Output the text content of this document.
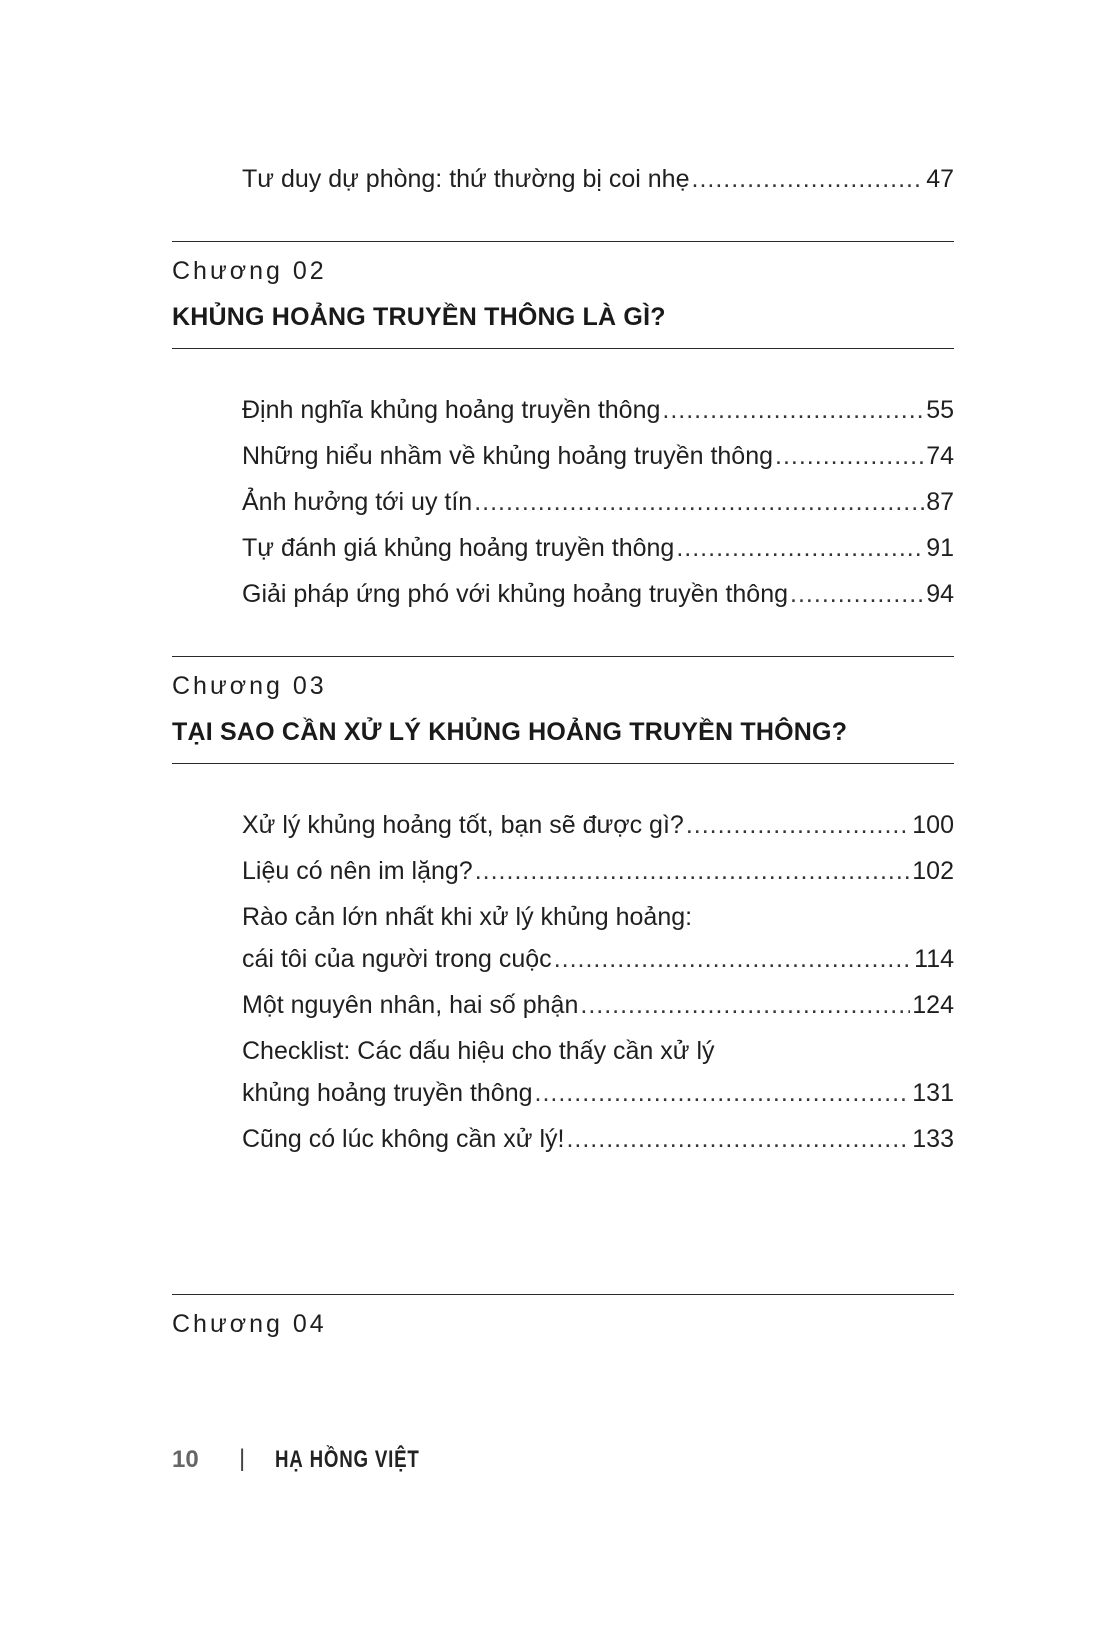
Tư duy dự phòng: thứ thường bị coi nhẹ .....	47
Chương 02
KHỦNG HOẢNG TRUYỀN THÔNG LÀ GÌ?
Định nghĩa khủng hoảng truyền thông .....	55
Những hiểu nhầm về khủng hoảng truyền thông .....	74
Ảnh hưởng tới uy tín .....	87
Tự đánh giá khủng hoảng truyền thông .....	91
Giải pháp ứng phó với khủng hoảng truyền thông .....	94
Chương 03
TẠI SAO CẦN XỬ LÝ KHỦNG HOẢNG TRUYỀN THÔNG?
Xử lý khủng hoảng tốt, bạn sẽ được gì? .....	100
Liệu có nên im lặng? .....	102
Rào cản lớn nhất khi xử lý khủng hoảng:
cái tôi của người trong cuộc .....	114
Một nguyên nhân, hai số phận .....	124
Checklist: Các dấu hiệu cho thấy cần xử lý
khủng hoảng truyền thông .....	131
Cũng có lúc không cần xử lý! .....	133
Chương 04
10 | HẠ HỒNG VIỆT
